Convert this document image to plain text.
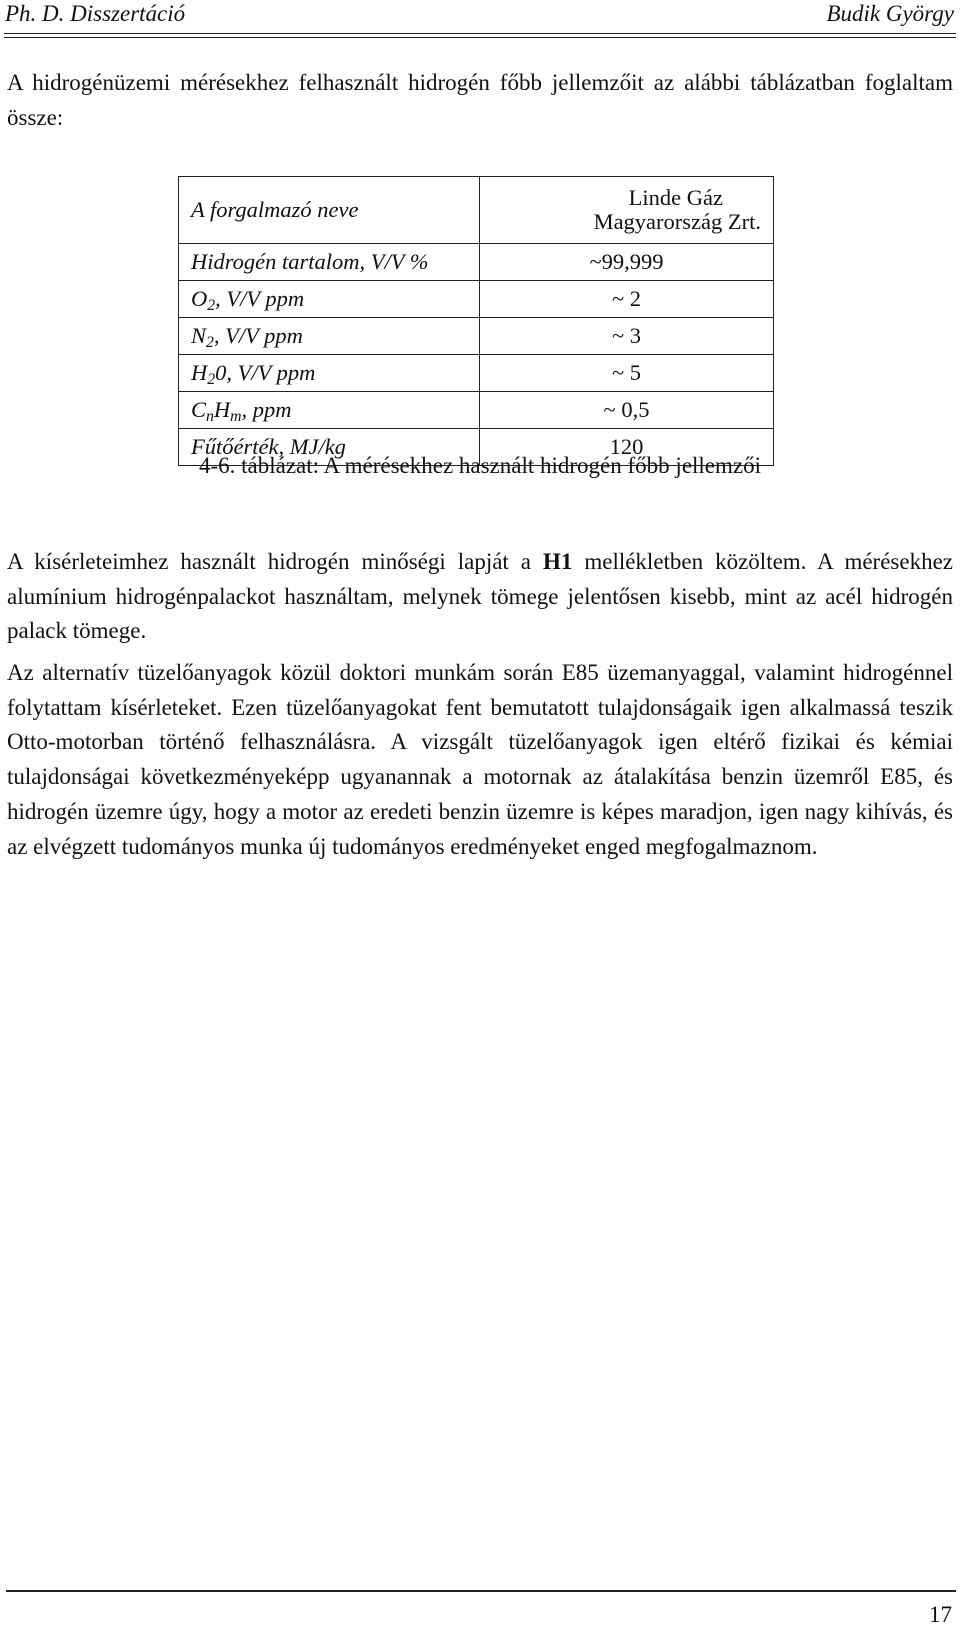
Ph. D. Disszertáció	Budik György

A hidrogénüzemi mérésekhez felhasznált hidrogén főbb jellemzőit az alábbi táblázatban foglaltam össze:

A forgalmazó neve	Linde Gáz
Magyarország Zrt.

Hidrogén tartalom, V/V %	~99,999
$O_2$, V/V ppm	~ 2
$N_2$, V/V ppm	~ 3
$H_20$, V/V ppm	~ 5
$C_nH_m$, ppm	~ 0,5
Fűtőérték, MJ/kg	120
4-6. táblázat: A mérésekhez használt hidrogén főbb jellemzői

A kísérleteimhez használt hidrogén minőségi lapját a H1 mellékletben közöltem. A mérésekhez alumínium hidrogénpalackot használtam, melynek tömege jelentősen kisebb, mint az acél hidrogén palack tömege.

Az alternatív tüzelőanyagok közül doktori munkám során E85 üzemanyaggal, valamint hidrogénnel folytattam kísérleteket. Ezen tüzelőanyagokat fent bemutatott tulajdonságaik igen alkalmassá teszik Otto-motorban történő felhasználásra. A vizsgált tüzelőanyagok igen eltérő fizikai és kémiai tulajdonságai következményeképp ugyanannak a motornak az átalakítása benzin üzemről E85, és hidrogén üzemre úgy, hogy a motor az eredeti benzin üzemre is képes maradjon, igen nagy kihívás, és az elvégzett tudományos munka új tudományos eredményeket enged megfogalmaznom.

17
